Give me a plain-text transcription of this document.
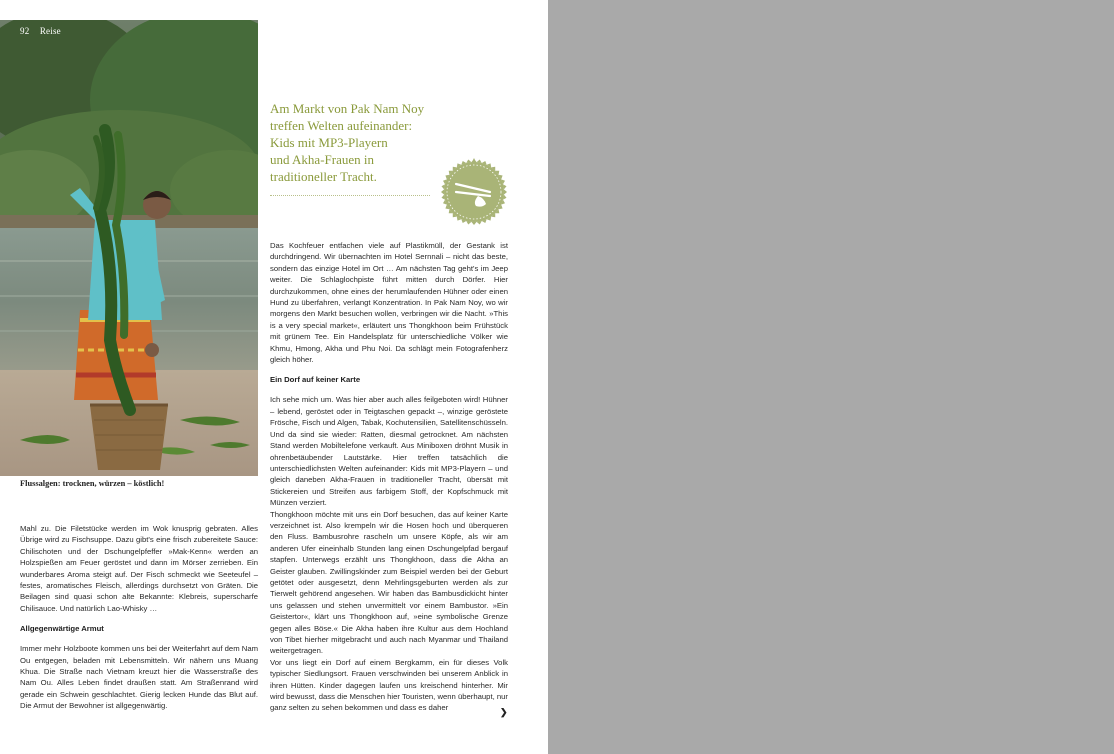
92 Reise
Flussalgen: trocknen, würzen – köstlich!

Mahl zu. Die Filetstücke werden im Wok knusprig gebraten. Alles Übrige wird zu Fischsuppe. Dazu gibt's eine frisch zubereitete Sauce: Chilischoten und der Dschungelpfeffer »Mak-Kenn« werden an Holzspießen am Feuer geröstet und dann im Mörser zerrieben. Ein wunderbares Aroma steigt auf. Der Fisch schmeckt wie Seeteufel – festes, aromatisches Fleisch, allerdings durchsetzt von Gräten. Die Beilagen sind quasi schon alte Bekannte: Klebreis, superscharfe Chilisauce. Und natürlich Lao-Whisky …

Allgegenwärtige Armut

Immer mehr Holzboote kommen uns bei der Weiterfahrt auf dem Nam Ou entgegen, beladen mit Lebensmitteln. Wir nähern uns Muang Khua. Die Straße nach Vietnam kreuzt hier die Wasserstraße des Nam Ou. Alles Leben findet draußen statt. Am Straßenrand wird gerade ein Schwein geschlachtet. Gierig lecken Hunde das Blut auf. Die Armut der Bewohner ist allgegenwärtig.

Am Markt von Pak Nam Noy
treffen Welten aufeinander:
Kids mit MP3-Playern
und Akha-Frauen in
traditioneller Tracht.

Das Kochfeuer entfachen viele auf Plastikmüll, der Gestank ist durchdringend. Wir übernachten im Hotel Sernnali – nicht das beste, sondern das einzige Hotel im Ort … Am nächsten Tag geht's im Jeep weiter. Die Schlaglochpiste führt mitten durch Dörfer. Hier durchzukommen, ohne eines der herumlaufenden Hühner oder einen Hund zu überfahren, verlangt Konzentration. In Pak Nam Noy, wo wir morgens den Markt besuchen wollen, verbringen wir die Nacht. »This is a very special market«, erläutert uns Thongkhoon beim Frühstück mit grünem Tee. Ein Handelsplatz für unterschiedliche Völker wie Khmu, Hmong, Akha und Phu Noi. Da schlägt mein Fotografenherz gleich höher.

Ein Dorf auf keiner Karte

Ich sehe mich um. Was hier aber auch alles feilgeboten wird! Hühner – lebend, geröstet oder in Teigtaschen gepackt –, winzige geröstete Frösche, Fisch und Algen, Tabak, Kochutensilien, Satellitenschüsseln. Und da sind sie wieder: Ratten, diesmal getrocknet. Am nächsten Stand werden Mobiltelefone verkauft. Aus Miniboxen dröhnt Musik in ohrenbetäubender Lautstärke. Hier treffen tatsächlich die unterschiedlichsten Welten aufeinander: Kids mit MP3-Playern – und gleich daneben Akha-Frauen in traditioneller Tracht, übersät mit Stickereien und Streifen aus farbigem Stoff, der Kopfschmuck mit Münzen verziert.

Thongkhoon möchte mit uns ein Dorf besuchen, das auf keiner Karte verzeichnet ist. Also krempeln wir die Hosen hoch und überqueren den Fluss. Bambusrohre rascheln um unsere Köpfe, als wir am anderen Ufer eineinhalb Stunden lang einen Dschungelpfad bergauf stapfen. Unterwegs erzählt uns Thongkhoon, dass die Akha an Geister glauben. Zwillingskinder zum Beispiel werden bei der Geburt getötet oder ausgesetzt, denn Mehrlingsgeburten werden als zur Tierwelt gehörend angesehen. Wir haben das Bambusdickicht hinter uns gelassen und stehen unvermittelt vor einem Bambustor. »Ein Geistertor«, klärt uns Thongkhoon auf, »eine symbolische Grenze gegen alles Böse.« Die Akha haben ihre Kultur aus dem Hochland von Tibet hierher mitgebracht und auch nach Myanmar und Thailand weitergetragen.

Vor uns liegt ein Dorf auf einem Bergkamm, ein für dieses Volk typischer Siedlungsort. Frauen verschwinden bei unserem Anblick in ihren Hütten. Kinder dagegen laufen uns kreischend hinterher. Mir wird bewusst, dass die Menschen hier Touristen, wenn überhaupt, nur ganz selten zu sehen bekommen und dass es daher	❯
